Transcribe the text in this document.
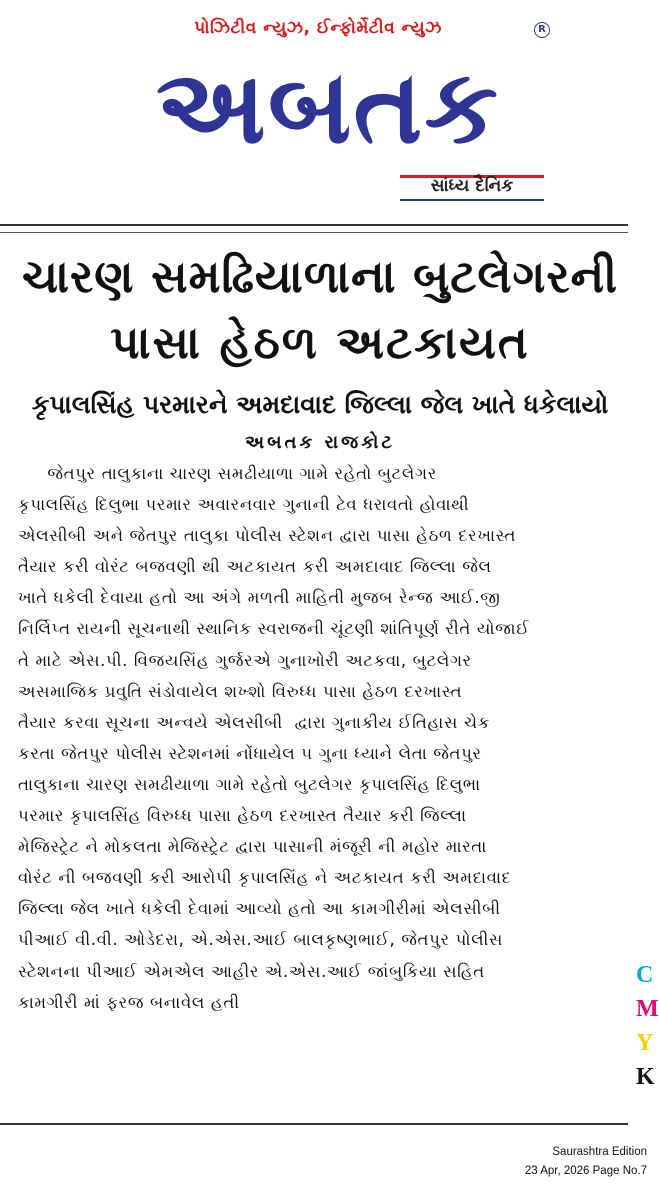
પોઝિટીવ ન્યુઝ, ઈન્ફોર્મેટીવ ન્યુઝ	R
અબતક
સાંધ્ય દૈનિક
ચારણ સમઢિયાળાના બુટલેગરની
પાસા હેઠળ અટકાયત
કૃપાલસિંહ પરમારને અમદાવાદ જિલ્લા જેલ ખાતે ધકેલાયો
અબતક રાજકોટ
જેતપુર તાલુકાના ચારણ સમઢીયાળા ગામે રહેતો બુટલેગર
કૃપાલસિંહ દિલુભા પરમાર અવારનવાર ગુનાની ટેવ ધરાવતો હોવાથી
એલસીબી અને જેતપુર તાલુકા પોલીસ સ્ટેશન દ્વારા પાસા હેઠળ દરખાસ્ત
તૈયાર કરી વોરંટ બજવણી થી અટકાયત કરી અમદાવાદ જિલ્લા જેલ
ખાતે ધકેલી દેવાયા હતો આ અંગે મળતી માહિતી મુજબ રેન્જ આઈ.જી
નિર્લિપ્ત રાયની સૂચનાથી સ્થાનિક સ્વરાજની ચૂંટણી શાંતિપૂર્ણ રીતે યોજાઈ
તે માટે એસ.પી. વિજયસિંહ ગુર્જરએ ગુનાખોરી અટકવા, બુટલેગર
અસમાજિક પ્રવુતિ સંડોવાયેલ શખ્શો વિરુધ્ધ પાસા હેઠળ દરખાસ્ત
તૈયાર કરવા સૂચના અન્વયે એલસીબી  દ્વારા ગુનાકીય ઈતિહાસ ચેક
કરતા જેતપુર પોલીસ સ્ટેશનમાં નોંધાયેલ ૫ ગુના ધ્યાને લેતા જેતપુર
તાલુકાના ચારણ સમઢીયાળા ગામે રહેતો બુટલેગર કૃપાલસિંહ દિલુભા
પરમાર કૃપાલસિંહ વિરુધ્ધ પાસા હેઠળ દરખાસ્ત તૈયાર કરી જિલ્લા
મેજિસ્ટ્રેટ ને મોકલતા મેજિસ્ટ્રેટ દ્વારા પાસાની મંજૂરી ની મહોર મારતા
વોરંટ ની બજવણી કરી આરોપી કૃપાલસિંહ ને અટકાયત કરી અમદાવાદ
જિલ્લા જેલ ખાતે ધકેલી દેવામાં આવ્યો હતો આ કામગીરીમાં એલસીબી
પીઆઈ વી.વી. ઓડેદરા, એ.એસ.આઈ બાલકૃષ્ણભાઈ, જેતપુર પોલીસ
સ્ટેશનના પીઆઈ એમએલ આહીર એ.એસ.આઈ જાંબુકિયા સહિત
કામગીરી માં ફરજ બનાવેલ હતી
C
M
Y
K
Saurashtra Edition
23 Apr, 2026 Page No.7
